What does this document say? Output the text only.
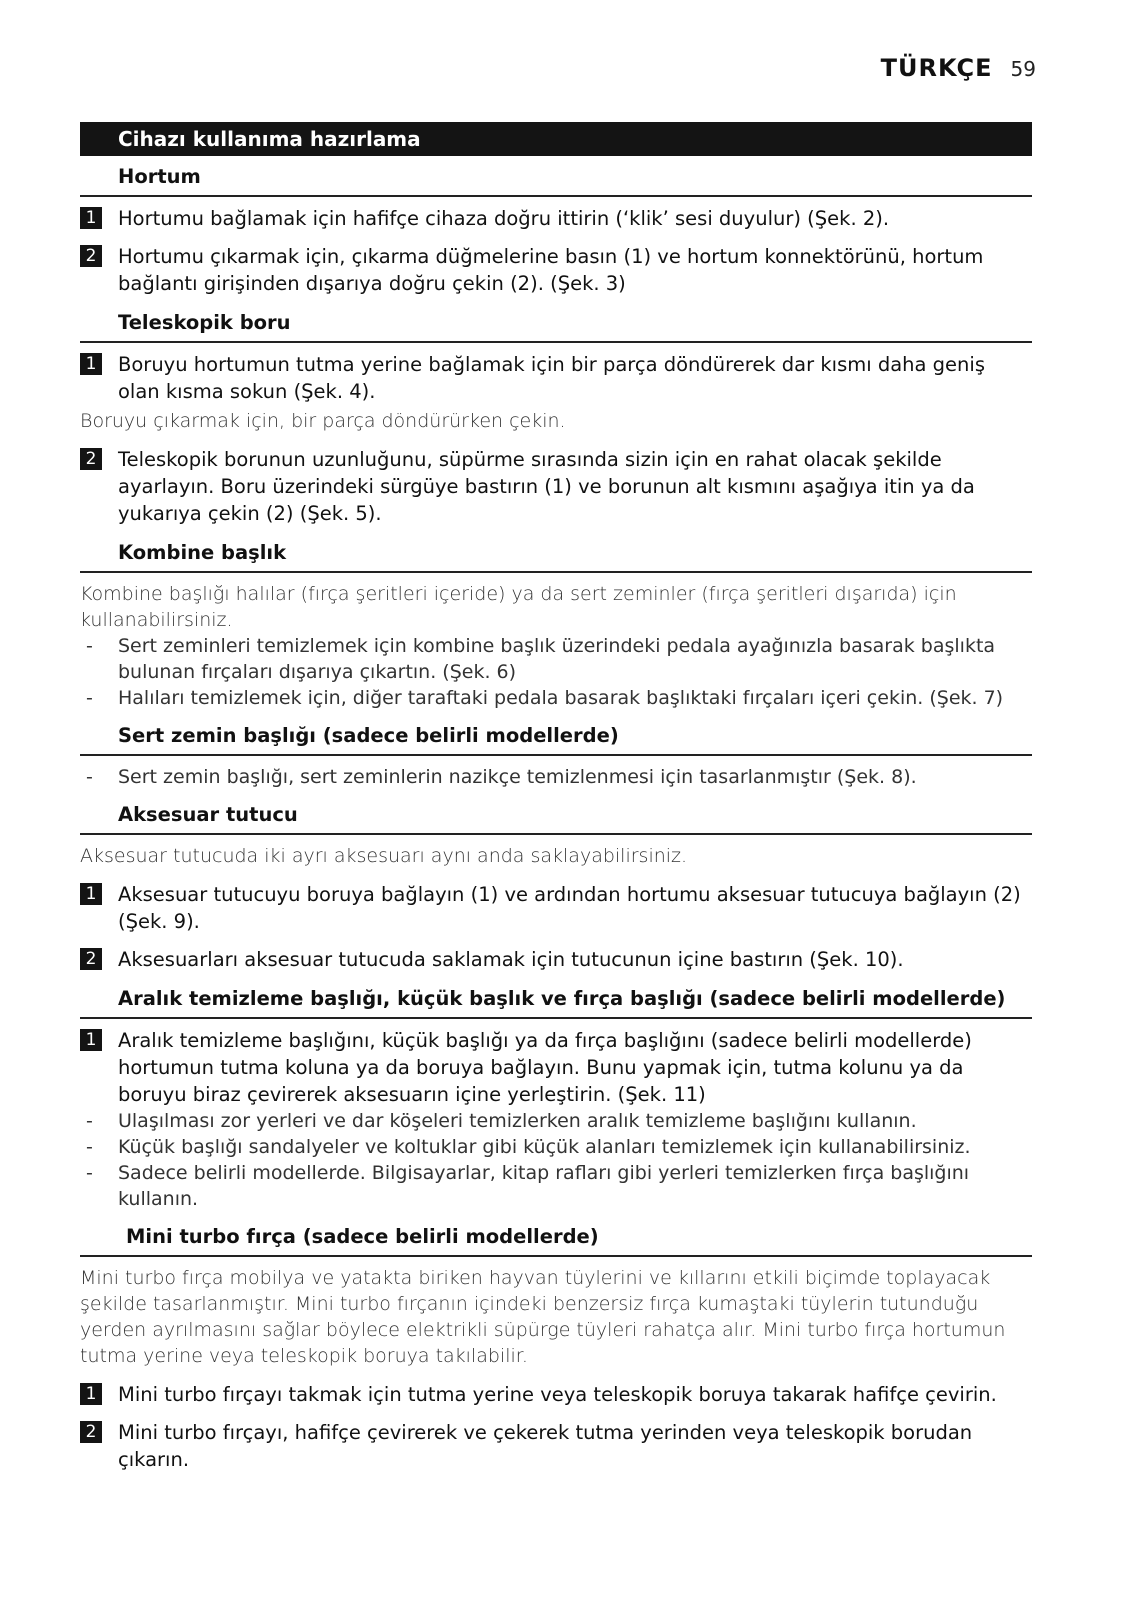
TÜRKÇE 59
Cihazı kullanıma hazırlama
Hortum
1 Hortumu bağlamak için hafifçe cihaza doğru ittirin (‘klik’ sesi duyulur) (Şek. 2).
2 Hortumu çıkarmak için, çıkarma düğmelerine basın (1) ve hortum konnektörünü, hortum bağlantı girişinden dışarıya doğru çekin (2). (Şek. 3)
Teleskopik boru
1 Boruyu hortumun tutma yerine bağlamak için bir parça döndürerek dar kısmı daha geniş olan kısma sokun (Şek. 4).
Boruyu çıkarmak için, bir parça döndürürken çekin.
2 Teleskopik borunun uzunluğunu, süpürme sırasında sizin için en rahat olacak şekilde ayarlayın. Boru üzerindeki sürgüye bastırın (1) ve borunun alt kısmını aşağıya itin ya da yukarıya çekin (2) (Şek. 5).
Kombine başlık
Kombine başlığı halılar (fırça şeritleri içeride) ya da sert zeminler (fırça şeritleri dışarıda) için kullanabilirsiniz.
-	Sert zeminleri temizlemek için kombine başlık üzerindeki pedala ayağınızla basarak başlıkta bulunan fırçaları dışarıya çıkartın. (Şek. 6)
-	Halıları temizlemek için, diğer taraftaki pedala basarak başlıktaki fırçaları içeri çekin. (Şek. 7)
Sert zemin başlığı (sadece belirli modellerde)
-	Sert zemin başlığı, sert zeminlerin nazikçe temizlenmesi için tasarlanmıştır (Şek. 8).
Aksesuar tutucu
Aksesuar tutucuda iki ayrı aksesuarı aynı anda saklayabilirsiniz.
1 Aksesuar tutucuyu boruya bağlayın (1) ve ardından hortumu aksesuar tutucuya bağlayın (2) (Şek. 9).
2 Aksesuarları aksesuar tutucuda saklamak için tutucunun içine bastırın (Şek. 10).
Aralık temizleme başlığı, küçük başlık ve fırça başlığı (sadece belirli modellerde)
1 Aralık temizleme başlığını, küçük başlığı ya da fırça başlığını (sadece belirli modellerde) hortumun tutma koluna ya da boruya bağlayın. Bunu yapmak için, tutma kolunu ya da boruyu biraz çevirerek aksesuarın içine yerleştirin. (Şek. 11)
-	Ulaşılması zor yerleri ve dar köşeleri temizlerken aralık temizleme başlığını kullanın.
-	Küçük başlığı sandalyeler ve koltuklar gibi küçük alanları temizlemek için kullanabilirsiniz.
-	Sadece belirli modellerde. Bilgisayarlar, kitap rafları gibi yerleri temizlerken fırça başlığını kullanın.
Mini turbo fırça (sadece belirli modellerde)
Mini turbo fırça mobilya ve yatakta biriken hayvan tüylerini ve kıllarını etkili biçimde toplayacak şekilde tasarlanmıştır. Mini turbo fırçanın içindeki benzersiz fırça kumaştaki tüylerin tutunduğu yerden ayrılmasını sağlar böylece elektrikli süpürge tüyleri rahatça alır. Mini turbo fırça hortumun tutma yerine veya teleskopik boruya takılabilir.
1 Mini turbo fırçayı takmak için tutma yerine veya teleskopik boruya takarak hafifçe çevirin.
2 Mini turbo fırçayı, hafifçe çevirerek ve çekerek tutma yerinden veya teleskopik borudan çıkarın.
